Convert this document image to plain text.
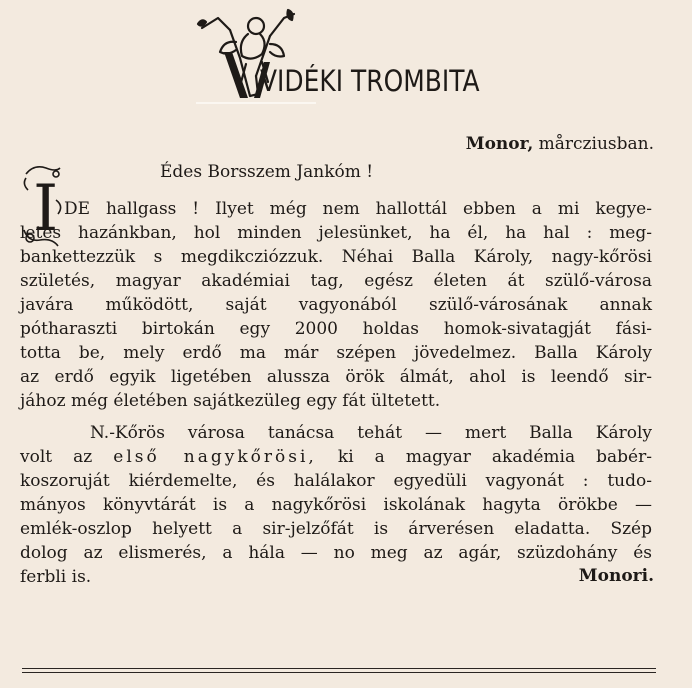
VIDÉKI TROMBITA
Monor, mårcziusban.
Édes Borsszem Jankóm !
I DE hallgass ! Ilyet még nem hallottál ebben a mi kegye-
letes hazánkban, hol minden jelesünket, ha él, ha hal : meg-
bankettezzük s megdikcziózzuk. Néhai Balla Károly, nagy-kőrösi
születés, magyar akadémiai tag, egész életen át szülő-városa
javára működött, saját vagyonából szülő-városának annak
pótharaszti birtokán egy 2000 holdas homok-sivatagját fási-
totta be, mely erdő ma már szépen jövedelmez. Balla Károly
az erdő egyik ligetében alussza örök álmát, ahol is leendő sir-
jához még életében sajátkezüleg egy fát ültetett.
N.-Kőrös városa tanácsa tehát — mert Balla Károly
volt az első nagykőrösi, ki a magyar akadémia babér-
koszoruját kiérdemelte, és halálakor egyedüli vagyonát : tudo-
mányos könyvtárát is a nagykőrösi iskolának hagyta örökbe —
emlék-oszlop helyett a sir-jelzőfát is árverésen eladatta. Szép
dolog az elismerés, a hála — no meg az agár, szüzdohány és
ferbli is.	Monori.
